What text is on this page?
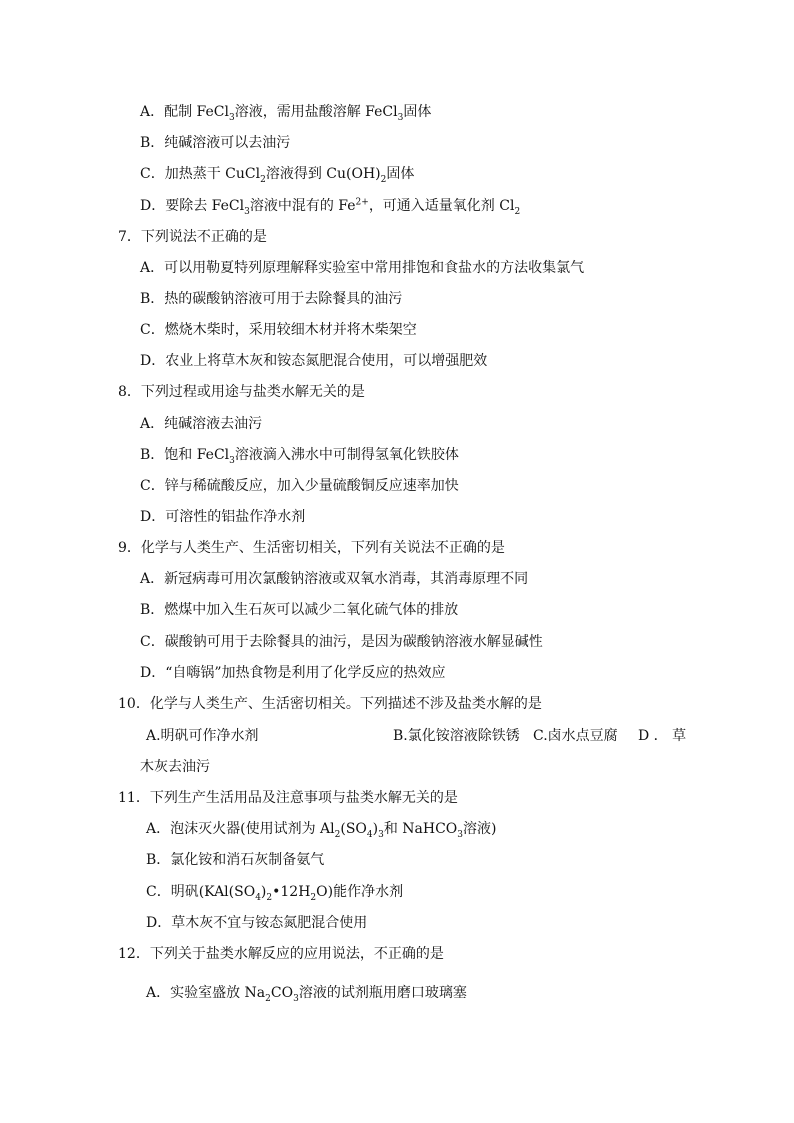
A．配制 FeCl$_3$溶液，需用盐酸溶解 FeCl$_3$固体
B．纯碱溶液可以去油污
C．加热蒸干 CuCl$_2$溶液得到 $Cu(OH)_2$固体
D．要除去 FeCl$_3$溶液中混有的 $Fe^{2+}$，可通入适量氧化剂 $Cl_2$
7．下列说法不正确的是
A．可以用勒夏特列原理解释实验室中常用排饱和食盐水的方法收集氯气
B．热的碳酸钠溶液可用于去除餐具的油污
C．燃烧木柴时，采用较细木材并将木柴架空
D．农业上将草木灰和铵态氮肥混合使用，可以增强肥效
8．下列过程或用途与盐类水解无关的是
A．纯碱溶液去油污
B．饱和 FeCl$_3$溶液滴入沸水中可制得氢氧化铁胶体
C．锌与稀硫酸反应，加入少量硫酸铜反应速率加快
D．可溶性的铝盐作净水剂
9．化学与人类生产、生活密切相关，下列有关说法不正确的是
A．新冠病毒可用次氯酸钠溶液或双氧水消毒，其消毒原理不同
B．燃煤中加入生石灰可以减少二氧化硫气体的排放
C．碳酸钠可用于去除餐具的油污，是因为碳酸钠溶液水解显碱性
D．“自嗨锅”加热食物是利用了化学反应的热效应
10．化学与人类生产、生活密切相关。下列描述不涉及盐类水解的是
木灰去油污
11．下列生产生活用品及注意事项与盐类水解无关的是
A．泡沫灭火器(使用试剂为 $Al_2(SO_4)_3$和 NaHCO$_3$溶液)
B．氯化铵和消石灰制备氨气
C．明矾$(KAl(SO_4)_2•12H_2O)$能作净水剂
D．草木灰不宜与铵态氮肥混合使用
12．下列关于盐类水解反应的应用说法，不正确的是
A．实验室盛放 $Na_2CO_3$溶液的试剂瓶用磨口玻璃塞
A.明矾可作净水剂	B.氯化铵溶液除铁锈 C.卤水点豆腐 D ． 草
